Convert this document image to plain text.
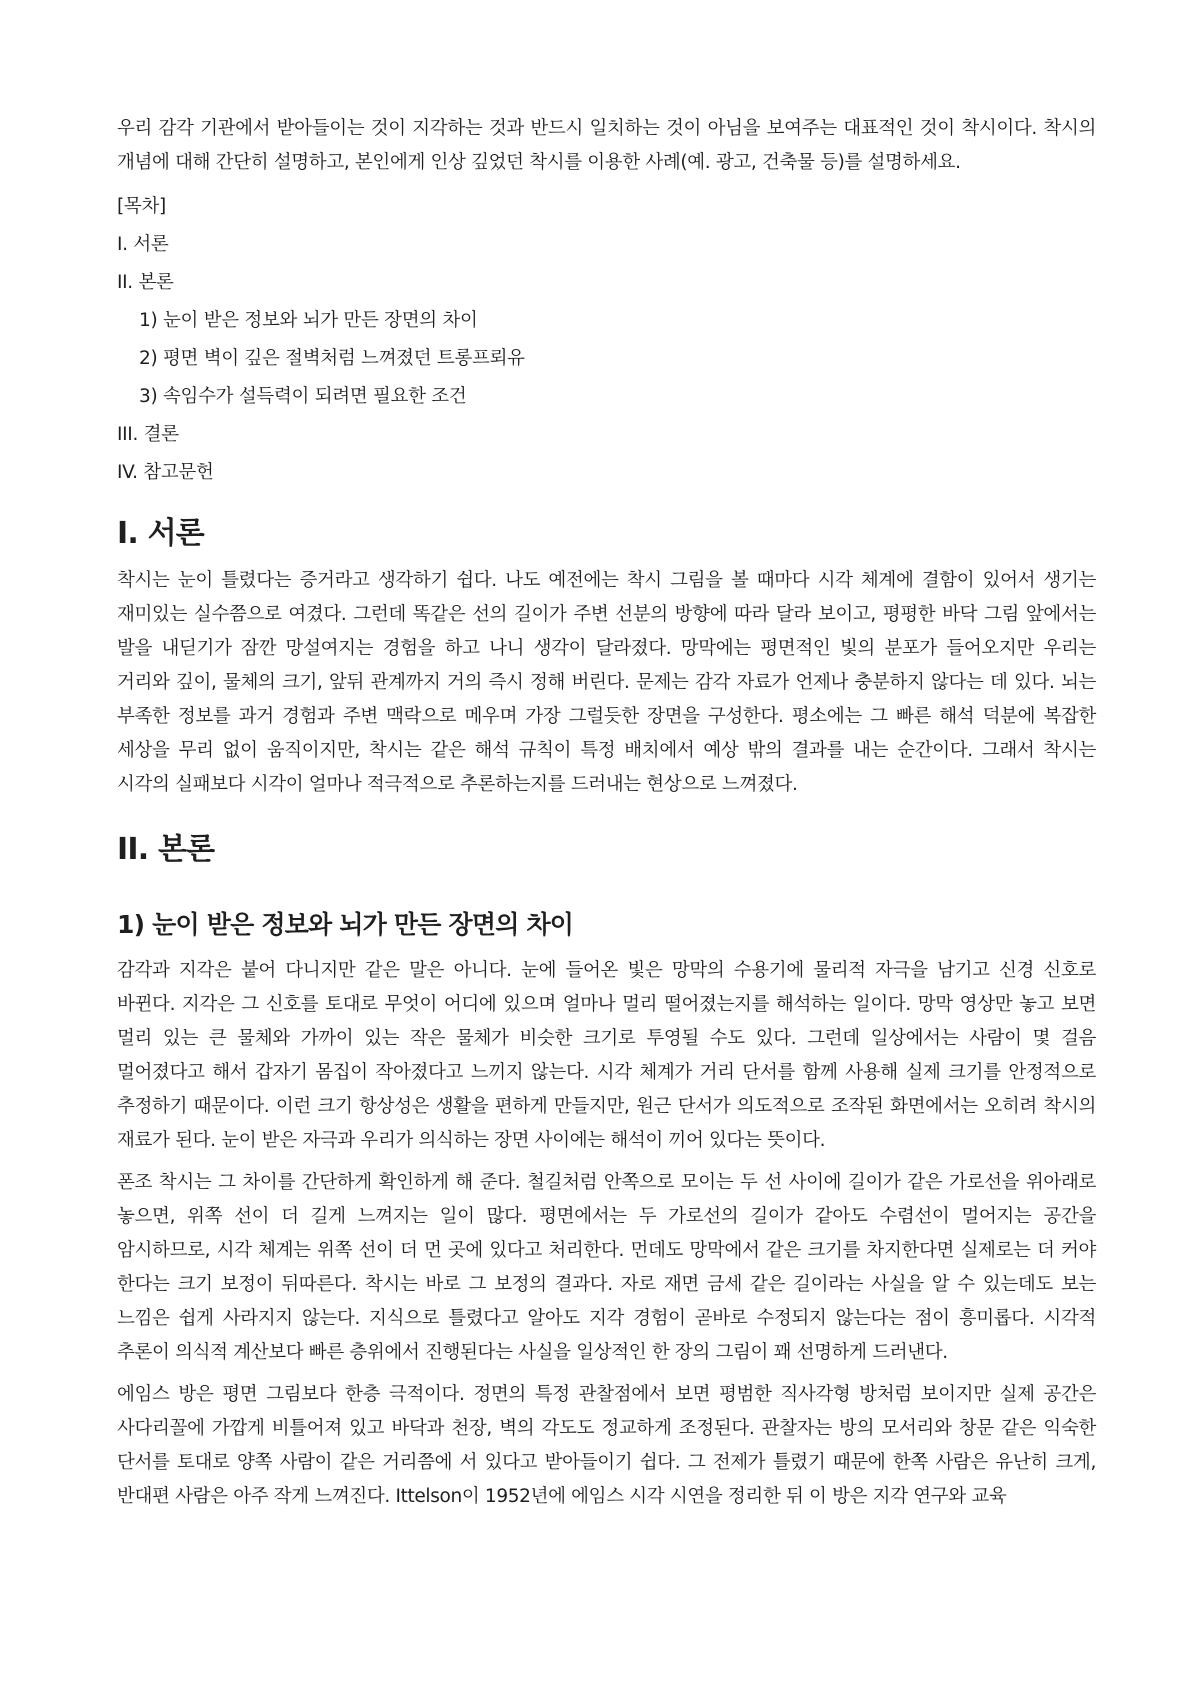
우리 감각 기관에서 받아들이는 것이 지각하는 것과 반드시 일치하는 것이 아님을 보여주는 대표적인 것이 착시이다. 착시의 개념에 대해 간단히 설명하고, 본인에게 인상 깊었던 착시를 이용한 사례(예. 광고, 건축물 등)를 설명하세요.

[목차]
I. 서론
II. 본론
1) 눈이 받은 정보와 뇌가 만든 장면의 차이
2) 평면 벽이 깊은 절벽처럼 느껴졌던 트롱프뢰유
3) 속임수가 설득력이 되려면 필요한 조건
III. 결론
IV. 참고문헌
I. 서론

착시는 눈이 틀렸다는 증거라고 생각하기 쉽다. 나도 예전에는 착시 그림을 볼 때마다 시각 체계에 결함이 있어서 생기는 재미있는 실수쯤으로 여겼다. 그런데 똑같은 선의 길이가 주변 선분의 방향에 따라 달라 보이고, 평평한 바닥 그림 앞에서는 발을 내딛기가 잠깐 망설여지는 경험을 하고 나니 생각이 달라졌다. 망막에는 평면적인 빛의 분포가 들어오지만 우리는 거리와 깊이, 물체의 크기, 앞뒤 관계까지 거의 즉시 정해 버린다. 문제는 감각 자료가 언제나 충분하지 않다는 데 있다. 뇌는 부족한 정보를 과거 경험과 주변 맥락으로 메우며 가장 그럴듯한 장면을 구성한다. 평소에는 그 빠른 해석 덕분에 복잡한 세상을 무리 없이 움직이지만, 착시는 같은 해석 규칙이 특정 배치에서 예상 밖의 결과를 내는 순간이다. 그래서 착시는 시각의 실패보다 시각이 얼마나 적극적으로 추론하는지를 드러내는 현상으로 느껴졌다.

II. 본론
1) 눈이 받은 정보와 뇌가 만든 장면의 차이

감각과 지각은 붙어 다니지만 같은 말은 아니다. 눈에 들어온 빛은 망막의 수용기에 물리적 자극을 남기고 신경 신호로 바뀐다. 지각은 그 신호를 토대로 무엇이 어디에 있으며 얼마나 멀리 떨어졌는지를 해석하는 일이다. 망막 영상만 놓고 보면 멀리 있는 큰 물체와 가까이 있는 작은 물체가 비슷한 크기로 투영될 수도 있다. 그런데 일상에서는 사람이 몇 걸음 멀어졌다고 해서 갑자기 몸집이 작아졌다고 느끼지 않는다. 시각 체계가 거리 단서를 함께 사용해 실제 크기를 안정적으로 추정하기 때문이다. 이런 크기 항상성은 생활을 편하게 만들지만, 원근 단서가 의도적으로 조작된 화면에서는 오히려 착시의 재료가 된다. 눈이 받은 자극과 우리가 의식하는 장면 사이에는 해석이 끼어 있다는 뜻이다.

폰조 착시는 그 차이를 간단하게 확인하게 해 준다. 철길처럼 안쪽으로 모이는 두 선 사이에 길이가 같은 가로선을 위아래로 놓으면, 위쪽 선이 더 길게 느껴지는 일이 많다. 평면에서는 두 가로선의 길이가 같아도 수렴선이 멀어지는 공간을 암시하므로, 시각 체계는 위쪽 선이 더 먼 곳에 있다고 처리한다. 먼데도 망막에서 같은 크기를 차지한다면 실제로는 더 커야 한다는 크기 보정이 뒤따른다. 착시는 바로 그 보정의 결과다. 자로 재면 금세 같은 길이라는 사실을 알 수 있는데도 보는 느낌은 쉽게 사라지지 않는다. 지식으로 틀렸다고 알아도 지각 경험이 곧바로 수정되지 않는다는 점이 흥미롭다. 시각적 추론이 의식적 계산보다 빠른 층위에서 진행된다는 사실을 일상적인 한 장의 그림이 꽤 선명하게 드러낸다.

에임스 방은 평면 그림보다 한층 극적이다. 정면의 특정 관찰점에서 보면 평범한 직사각형 방처럼 보이지만 실제 공간은 사다리꼴에 가깝게 비틀어져 있고 바닥과 천장, 벽의 각도도 정교하게 조정된다. 관찰자는 방의 모서리와 창문 같은 익숙한 단서를 토대로 양쪽 사람이 같은 거리쯤에 서 있다고 받아들이기 쉽다. 그 전제가 틀렸기 때문에 한쪽 사람은 유난히 크게, 반대편 사람은 아주 작게 느껴진다. Ittelson이 1952년에 에임스 시각 시연을 정리한 뒤 이 방은 지각 연구와 교육
